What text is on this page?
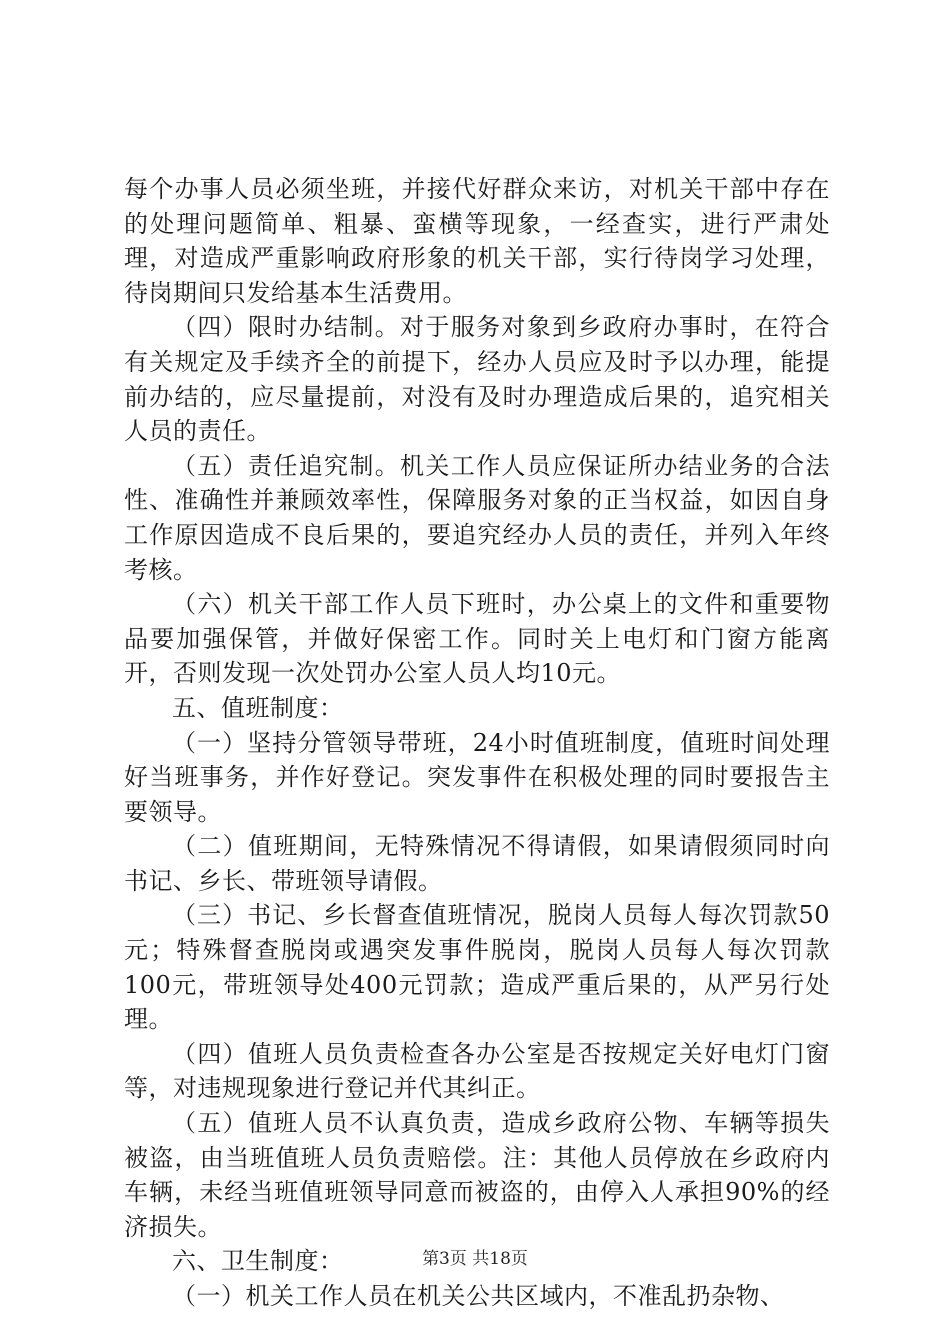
每个办事人员必须坐班，并接代好群众来访，对机关干部中存在的处理问题简单、粗暴、蛮横等现象，一经查实，进行严肃处理，对造成严重影响政府形象的机关干部，实行待岗学习处理，待岗期间只发给基本生活费用。

（四）限时办结制。对于服务对象到乡政府办事时，在符合有关规定及手续齐全的前提下，经办人员应及时予以办理，能提前办结的，应尽量提前，对没有及时办理造成后果的，追究相关人员的责任。

（五）责任追究制。机关工作人员应保证所办结业务的合法性、准确性并兼顾效率性，保障服务对象的正当权益，如因自身工作原因造成不良后果的，要追究经办人员的责任，并列入年终考核。

（六）机关干部工作人员下班时，办公桌上的文件和重要物品要加强保管，并做好保密工作。同时关上电灯和门窗方能离开，否则发现一次处罚办公室人员人均10元。

五、值班制度：

（一）坚持分管领导带班，24小时值班制度，值班时间处理好当班事务，并作好登记。突发事件在积极处理的同时要报告主要领导。

（二）值班期间，无特殊情况不得请假，如果请假须同时向书记、乡长、带班领导请假。

（三）书记、乡长督查值班情况，脱岗人员每人每次罚款50元；特殊督查脱岗或遇突发事件脱岗，脱岗人员每人每次罚款100元，带班领导处400元罚款；造成严重后果的，从严另行处理。

（四）值班人员负责检查各办公室是否按规定关好电灯门窗等，对违规现象进行登记并代其纠正。

（五）值班人员不认真负责，造成乡政府公物、车辆等损失被盗，由当班值班人员负责赔偿。注：其他人员停放在乡政府内车辆，未经当班值班领导同意而被盗的，由停入人承担90%的经济损失。

六、卫生制度：

（一）机关工作人员在机关公共区域内，不准乱扔杂物、

第3页 共18页
